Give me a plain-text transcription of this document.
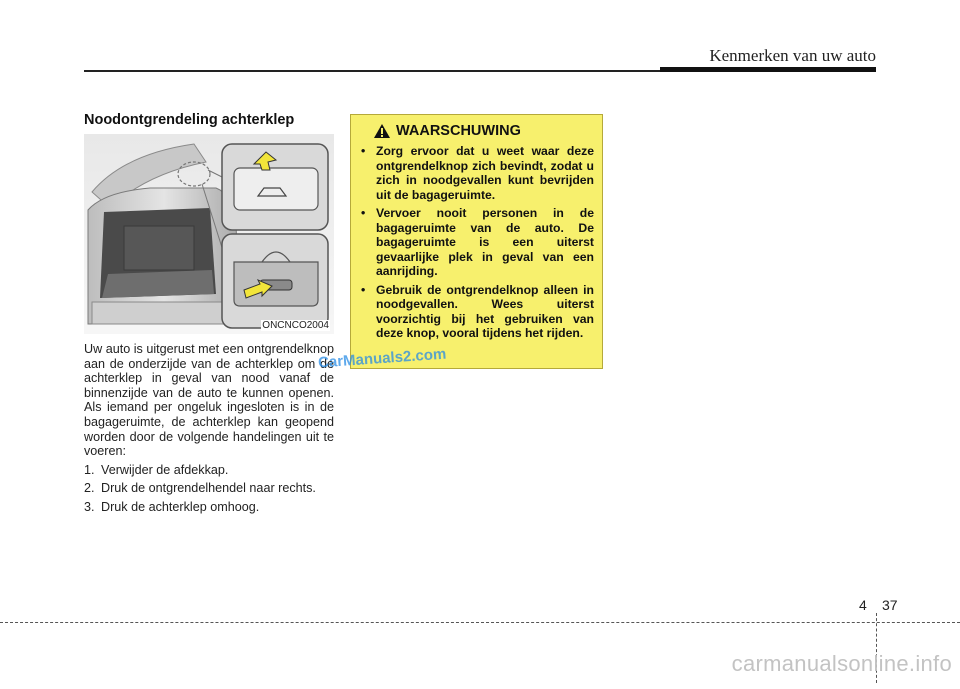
Kenmerken van uw auto
Noodontgrendeling achterklep
ONCNCO2004

Uw auto is uitgerust met een ontgrendelknop aan de onderzijde van de achterklep om de achterklep in geval van nood vanaf de binnenzijde van de auto te kunnen openen. Als iemand per ongeluk ingesloten is in de bagageruimte, de achterklep kan geopend worden door de volgende handelingen uit te voeren:

1. Verwijder de afdekkap.
2. Druk de ontgrendelhendel naar rechts.
3. Druk de achterklep omhoog.
WAARSCHUWING
• Zorg ervoor dat u weet waar deze ontgrendelknop zich bevindt, zodat u zich in noodgevallen kunt bevrijden uit de bagageruimte.
• Vervoer nooit personen in de bagageruimte van de auto. De bagageruimte is een uiterst gevaarlijke plek in geval van een aanrijding.
• Gebruik de ontgrendelknop alleen in noodgevallen. Wees uiterst voorzichtig bij het gebruiken van deze knop, vooral tijdens het rijden.
CarManuals2.com
4 37
carmanualsonline.info
